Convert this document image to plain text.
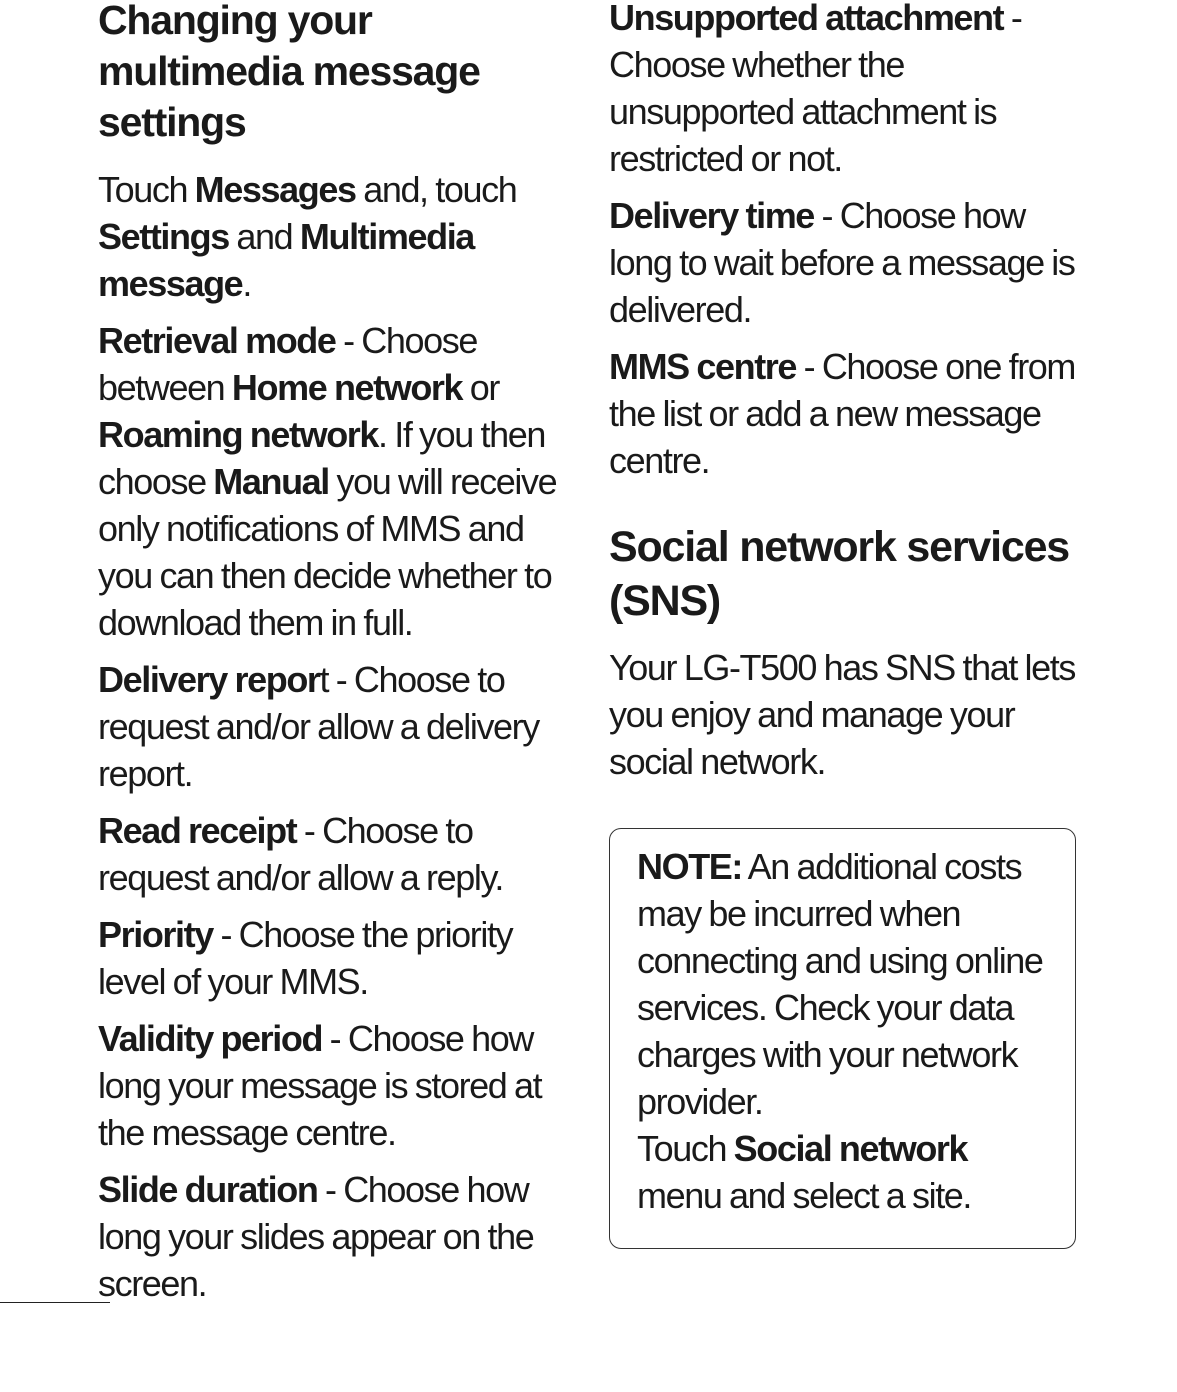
Changing your multimedia message settings

Touch Messages and, touch Settings and Multimedia message.

Retrieval mode - Choose between Home network or Roaming network. If you then choose Manual you will receive only notifications of MMS and you can then decide whether to download them in full.

Delivery report - Choose to request and/or allow a delivery report.

Read receipt - Choose to request and/or allow a reply.

Priority - Choose the priority level of your MMS.

Validity period - Choose how long your message is stored at the message centre.

Slide duration - Choose how long your slides appear on the screen.

Unsupported attachment - Choose whether the unsupported attachment is restricted or not.

Delivery time - Choose how long to wait before a message is delivered.

MMS centre - Choose one from the list or add a new message centre.

Social network services (SNS)

Your LG-T500 has SNS that lets you enjoy and manage your social network.

NOTE: An additional costs may be incurred when connecting and using online services. Check your data charges with your network provider.

Touch Social network menu and select a site.
